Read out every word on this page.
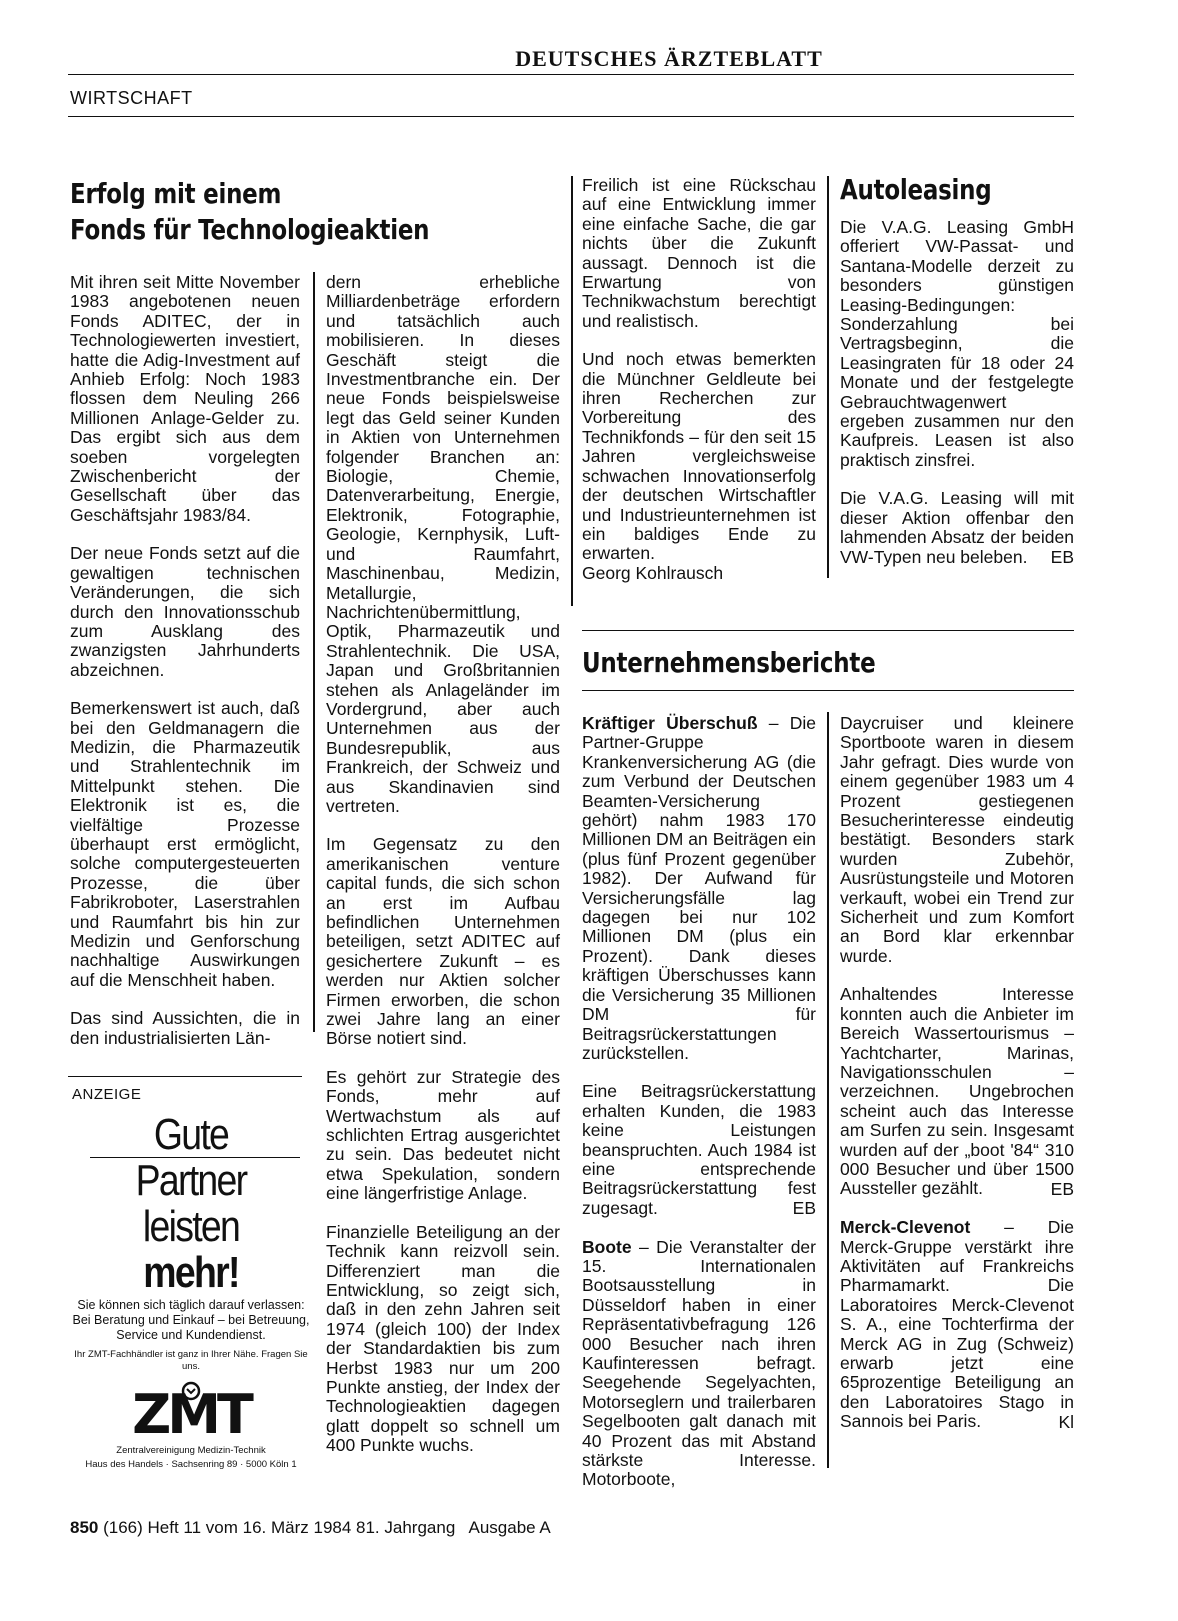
DEUTSCHES ÄRZTEBLATT
WIRTSCHAFT
Erfolg mit einem
Fonds für Technologieaktien

Mit ihren seit Mitte November 1983 angebotenen neuen Fonds ADITEC, der in Technologiewerten investiert, hatte die Adig-Investment auf Anhieb Erfolg: Noch 1983 flossen dem Neuling 266 Millionen Anlage-Gelder zu. Das ergibt sich aus dem soeben vorgelegten Zwischenbericht der Gesellschaft über das Geschäftsjahr 1983/84.

Der neue Fonds setzt auf die gewaltigen technischen Veränderungen, die sich durch den Innovationsschub zum Ausklang des zwanzigsten Jahrhunderts abzeichnen.

Bemerkenswert ist auch, daß bei den Geldmanagern die Medizin, die Pharmazeutik und Strahlentechnik im Mittelpunkt stehen. Die Elektronik ist es, die vielfältige Prozesse überhaupt erst ermöglicht, solche computergesteuerten Prozesse, die über Fabrikroboter, Laserstrahlen und Raumfahrt bis hin zur Medizin und Genforschung nachhaltige Auswirkungen auf die Menschheit haben.

Das sind Aussichten, die in den industrialisierten Län-

dern erhebliche Milliardenbeträge erfordern und tatsächlich auch mobilisieren. In dieses Geschäft steigt die Investmentbranche ein. Der neue Fonds beispielsweise legt das Geld seiner Kunden in Aktien von Unternehmen folgender Branchen an: Biologie, Chemie, Datenverarbeitung, Energie, Elektronik, Fotographie, Geologie, Kernphysik, Luft- und Raumfahrt, Maschinenbau, Medizin, Metallurgie, Nachrichtenübermittlung, Optik, Pharmazeutik und Strahlentechnik. Die USA, Japan und Großbritannien stehen als Anlageländer im Vordergrund, aber auch Unternehmen aus der Bundesrepublik, aus Frankreich, der Schweiz und aus Skandinavien sind vertreten.

Im Gegensatz zu den amerikanischen venture capital funds, die sich schon an erst im Aufbau befindlichen Unternehmen beteiligen, setzt ADITEC auf gesichertere Zukunft – es werden nur Aktien solcher Firmen erworben, die schon zwei Jahre lang an einer Börse notiert sind.

Es gehört zur Strategie des Fonds, mehr auf Wertwachstum als auf schlichten Ertrag ausgerichtet zu sein. Das bedeutet nicht etwa Spekulation, sondern eine längerfristige Anlage.

Finanzielle Beteiligung an der Technik kann reizvoll sein. Differenziert man die Entwicklung, so zeigt sich, daß in den zehn Jahren seit 1974 (gleich 100) der Index der Standardaktien bis zum Herbst 1983 nur um 200 Punkte anstieg, der Index der Technologieaktien dagegen glatt doppelt so schnell um 400 Punkte wuchs.

Freilich ist eine Rückschau auf eine Entwicklung immer eine einfache Sache, die gar nichts über die Zukunft aussagt. Dennoch ist die Erwartung von Technikwachstum berechtigt und realistisch.

Und noch etwas bemerkten die Münchner Geldleute bei ihren Recherchen zur Vorbereitung des Technikfonds – für den seit 15 Jahren vergleichsweise schwachen Innovationserfolg der deutschen Wirtschaftler und Industrieunternehmen ist ein baldiges Ende zu erwarten.

Georg Kohlrausch
Autoleasing

Die V.A.G. Leasing GmbH offeriert VW-Passat- und Santana-Modelle derzeit zu besonders günstigen Leasing-Bedingungen: Sonderzahlung bei Vertragsbeginn, die Leasingraten für 18 oder 24 Monate und der festgelegte Gebrauchtwagenwert ergeben zusammen nur den Kaufpreis. Leasen ist also praktisch zinsfrei.

Die V.A.G. Leasing will mit dieser Aktion offenbar den lahmenden Absatz der beiden VW-Typen neu beleben.	EB
Unternehmensberichte

Kräftiger Überschuß – Die Partner-Gruppe Krankenversicherung AG (die zum Verbund der Deutschen Beamten-Versicherung gehört) nahm 1983 170 Millionen DM an Beiträgen ein (plus fünf Prozent gegenüber 1982). Der Aufwand für Versicherungsfälle lag dagegen bei nur 102 Millionen DM (plus ein Prozent). Dank dieses kräftigen Überschusses kann die Versicherung 35 Millionen DM für Beitragsrückerstattungen zurückstellen.

Eine Beitragsrückerstattung erhalten Kunden, die 1983 keine Leistungen beanspruchten. Auch 1984 ist eine entsprechende Beitragsrückerstattung fest zugesagt.	EB

Boote – Die Veranstalter der 15. Internationalen Bootsausstellung in Düsseldorf haben in einer Repräsentativbefragung 126 000 Besucher nach ihren Kaufinteressen befragt. Seegehende Segelyachten, Motorseglern und trailerbaren Segelbooten galt danach mit 40 Prozent das mit Abstand stärkste Interesse. Motorboote,

Daycruiser und kleinere Sportboote waren in diesem Jahr gefragt. Dies wurde von einem gegenüber 1983 um 4 Prozent gestiegenen Besucherinteresse eindeutig bestätigt. Besonders stark wurden Zubehör, Ausrüstungsteile und Motoren verkauft, wobei ein Trend zur Sicherheit und zum Komfort an Bord klar erkennbar wurde.

Anhaltendes Interesse konnten auch die Anbieter im Bereich Wassertourismus – Yachtcharter, Marinas, Navigationsschulen – verzeichnen. Ungebrochen scheint auch das Interesse am Surfen zu sein. Insgesamt wurden auf der „boot '84“ 310 000 Besucher und über 1500 Aussteller gezählt.	EB

Merck-Clevenot – Die Merck-Gruppe verstärkt ihre Aktivitäten auf Frankreichs Pharmamarkt. Die Laboratoires Merck-Clevenot S. A., eine Tochterfirma der Merck AG in Zug (Schweiz) erwarb jetzt eine 65prozentige Beteiligung an den Laboratoires Stago in Sannois bei Paris.	Kl
ANZEIGE
Gute
Partner
leisten
mehr!
Sie können sich täglich darauf verlassen: Bei Beratung und Einkauf – bei Betreuung, Service und Kundendienst.
Ihr ZMT-Fachhändler ist ganz in Ihrer Nähe. Fragen Sie uns.
ZMT
Zentralvereinigung Medizin-Technik
Haus des Handels · Sachsenring 89 · 5000 Köln 1
850 (166) Heft 11 vom 16. März 1984 81. Jahrgang   Ausgabe A
